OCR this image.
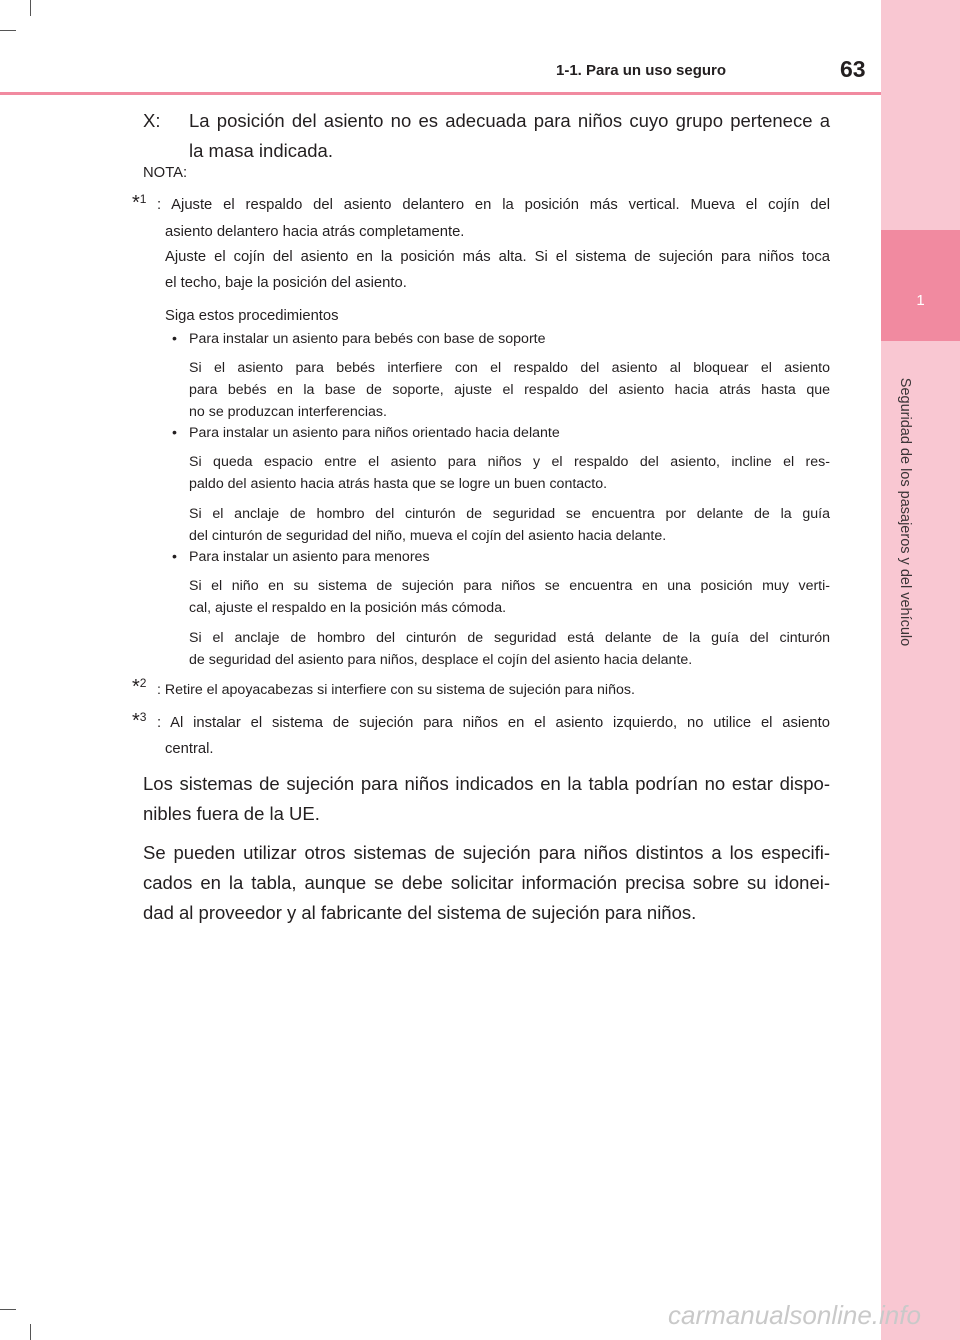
1
Seguridad de los pasajeros y del vehículo
1-1. Para un uso seguro	63
X: La posición del asiento no es adecuada para niños cuyo grupo pertenece a
la masa indicada.
NOTA:
*$^1$ : Ajuste el respaldo del asiento delantero en la posición más vertical. Mueva el cojín del
asiento delantero hacia atrás completamente.
Ajuste el cojín del asiento en la posición más alta. Si el sistema de sujeción para niños toca
el techo, baje la posición del asiento.
Siga estos procedimientos
• Para instalar un asiento para bebés con base de soporte
Si el asiento para bebés interfiere con el respaldo del asiento al bloquear el asiento
para bebés en la base de soporte, ajuste el respaldo del asiento hacia atrás hasta que
no se produzcan interferencias.
• Para instalar un asiento para niños orientado hacia delante
Si queda espacio entre el asiento para niños y el respaldo del asiento, incline el res-
paldo del asiento hacia atrás hasta que se logre un buen contacto.
Si el anclaje de hombro del cinturón de seguridad se encuentra por delante de la guía
del cinturón de seguridad del niño, mueva el cojín del asiento hacia delante.
• Para instalar un asiento para menores
Si el niño en su sistema de sujeción para niños se encuentra en una posición muy verti-
cal, ajuste el respaldo en la posición más cómoda.
Si el anclaje de hombro del cinturón de seguridad está delante de la guía del cinturón
de seguridad del asiento para niños, desplace el cojín del asiento hacia delante.
*$^2$ : Retire el apoyacabezas si interfiere con su sistema de sujeción para niños.
*$^3$ : Al instalar el sistema de sujeción para niños en el asiento izquierdo, no utilice el asiento
central.
Los sistemas de sujeción para niños indicados en la tabla podrían no estar dispo-
nibles fuera de la UE.
Se pueden utilizar otros sistemas de sujeción para niños distintos a los especifi-
cados en la tabla, aunque se debe solicitar información precisa sobre su idonei-
dad al proveedor y al fabricante del sistema de sujeción para niños.
carmanualsonline.info
